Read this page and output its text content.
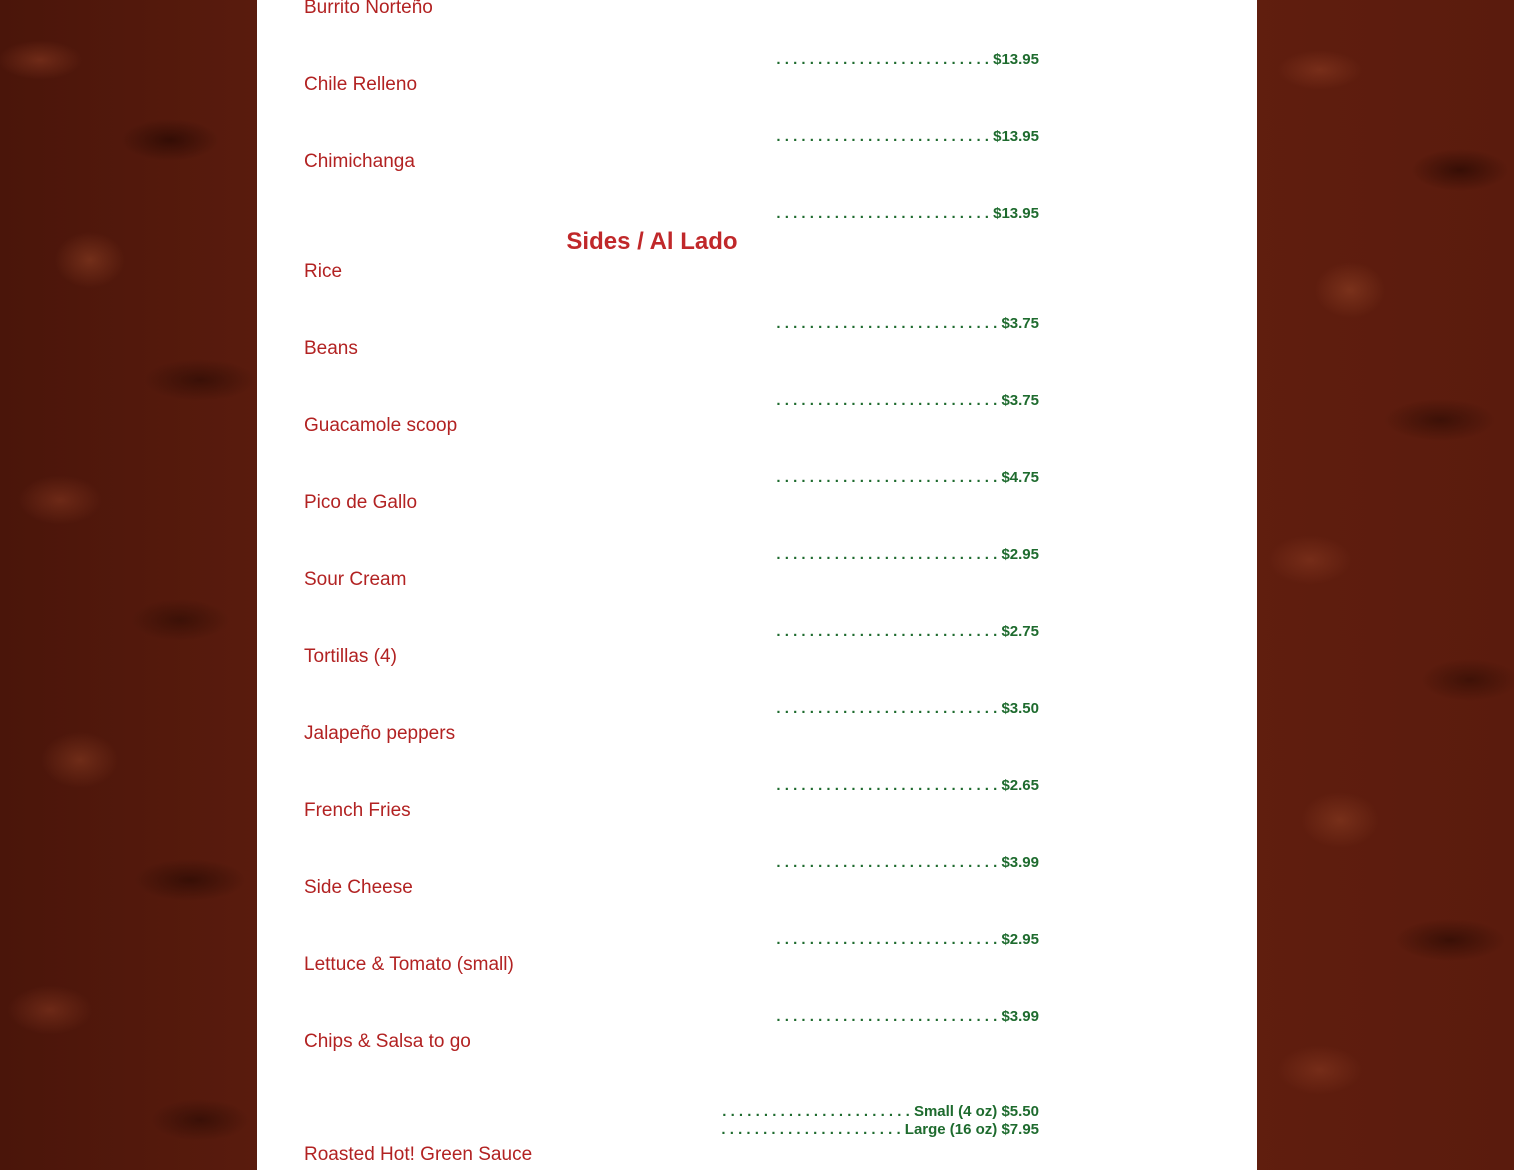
Burrito Norteño
. . . . . . . . . . . . . . . . . . . . . . . . . . $13.95
Chile Relleno
. . . . . . . . . . . . . . . . . . . . . . . . . . $13.95
Chimichanga
. . . . . . . . . . . . . . . . . . . . . . . . . . $13.95
Sides / Al Lado
Rice
. . . . . . . . . . . . . . . . . . . . . . . . . . . $3.75
Beans
. . . . . . . . . . . . . . . . . . . . . . . . . . . $3.75
Guacamole scoop
. . . . . . . . . . . . . . . . . . . . . . . . . . . $4.75
Pico de Gallo
. . . . . . . . . . . . . . . . . . . . . . . . . . . $2.95
Sour Cream
. . . . . . . . . . . . . . . . . . . . . . . . . . . $2.75
Tortillas (4)
. . . . . . . . . . . . . . . . . . . . . . . . . . . $3.50
Jalapeño peppers
. . . . . . . . . . . . . . . . . . . . . . . . . . . $2.65
French Fries
. . . . . . . . . . . . . . . . . . . . . . . . . . . $3.99
Side Cheese
. . . . . . . . . . . . . . . . . . . . . . . . . . . $2.95
Lettuce & Tomato (small)
. . . . . . . . . . . . . . . . . . . . . . . . . . . $3.99
Chips & Salsa to go
. . . . . . . . . . . . . . . . . . . . . . . Small (4 oz) $5.50
. . . . . . . . . . . . . . . . . . . . . . Large (16 oz) $7.95
Roasted Hot! Green Sauce
